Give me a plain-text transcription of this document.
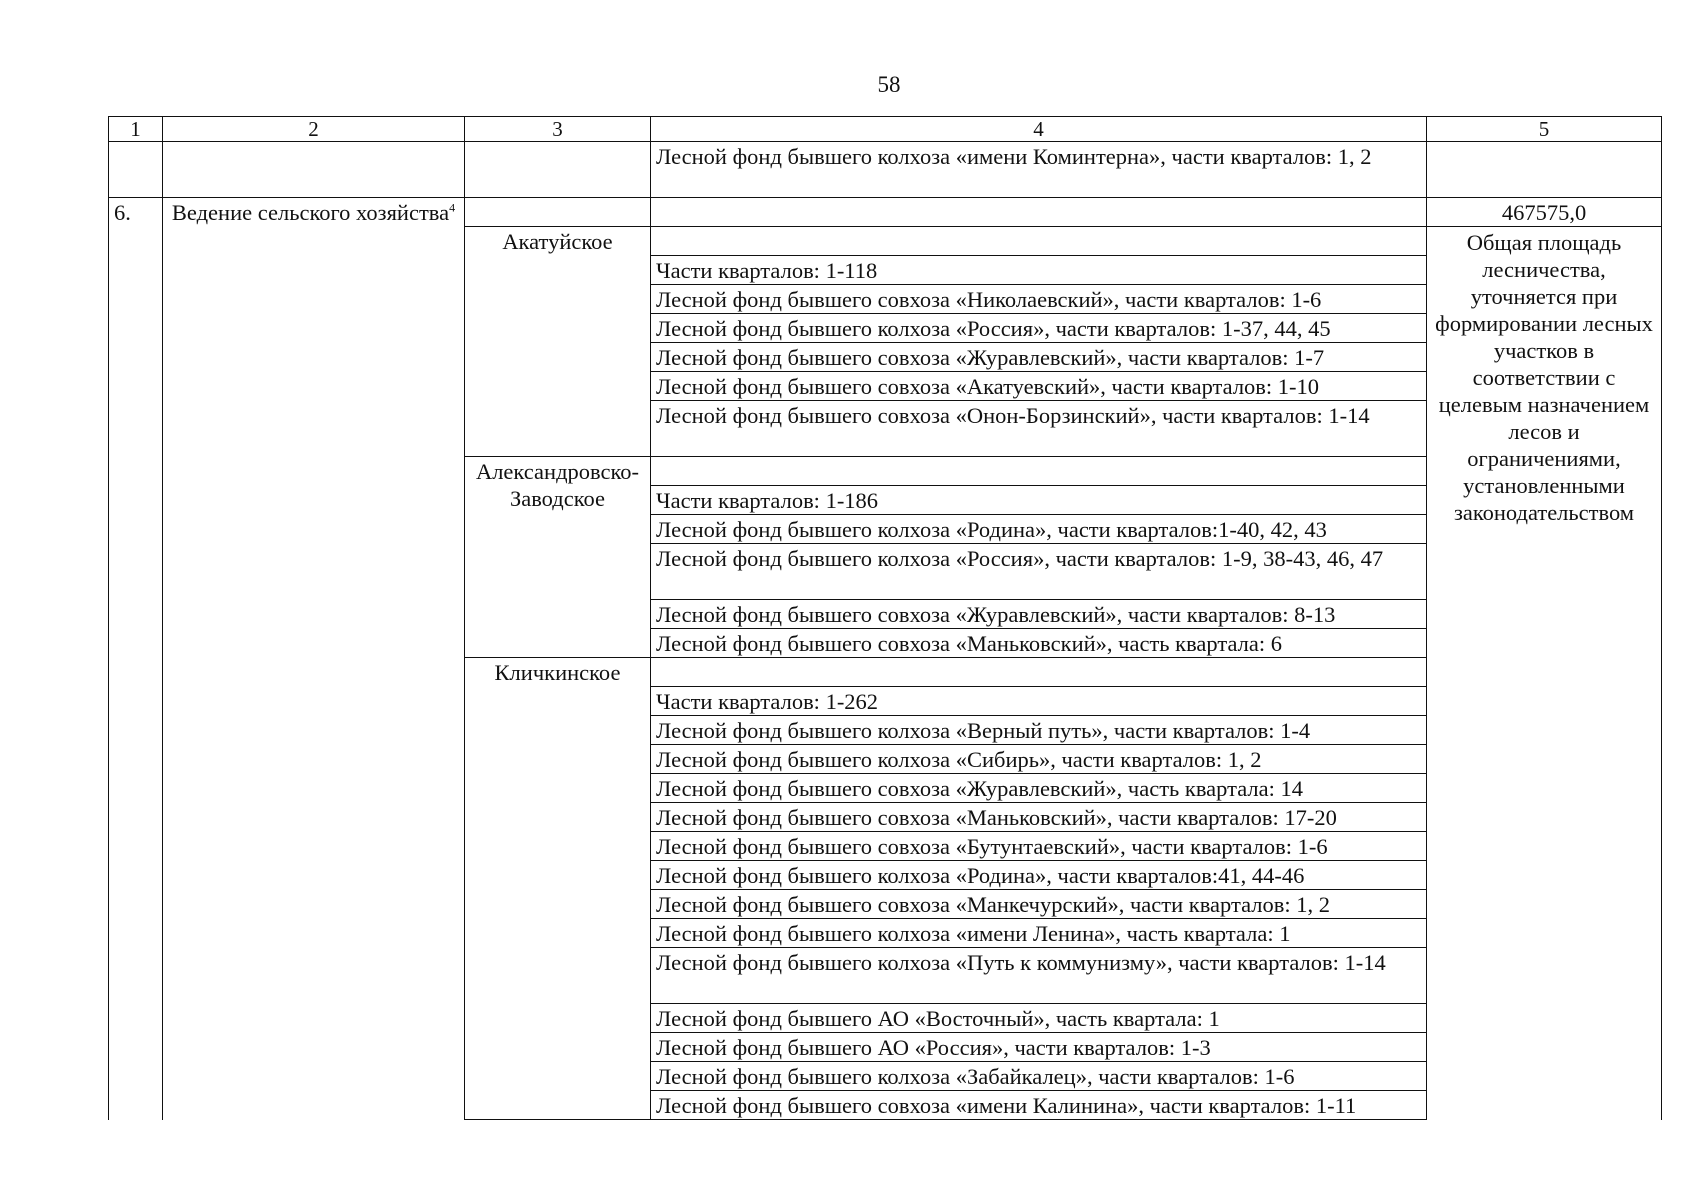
58
1	2	3	4	5
			Лесной фонд бывшего колхоза «имени Коминтерна», части кварталов: 1, 2	
6.	Ведение сельского хозяйства$^4$			467575,0
		Акатуйское		Общая площадь лесничества, уточняется при формировании лесных участков в соответствии с целевым назначением лесов и ограничениями, установленными законодательством
			Части кварталов: 1-118	
			Лесной фонд бывшего совхоза «Николаевский», части кварталов: 1-6	
			Лесной фонд бывшего колхоза «Россия», части кварталов: 1-37, 44, 45	
			Лесной фонд бывшего совхоза «Журавлевский», части кварталов: 1-7	
			Лесной фонд бывшего совхоза «Акатуевский», части кварталов: 1-10	
			Лесной фонд бывшего совхоза «Онон-Борзинский», части кварталов: 1-14	
		Александровско-Заводское		
			Части кварталов: 1-186	
			Лесной фонд бывшего колхоза «Родина», части кварталов:1-40, 42, 43	
			Лесной фонд бывшего колхоза «Россия», части кварталов: 1-9, 38-43, 46, 47	
			Лесной фонд бывшего совхоза «Журавлевский», части кварталов: 8-13	
			Лесной фонд бывшего совхоза «Маньковский», часть квартала: 6	
		Кличкинское		
			Части кварталов: 1-262	
			Лесной фонд бывшего колхоза «Верный путь», части кварталов: 1-4	
			Лесной фонд бывшего колхоза «Сибирь», части кварталов: 1, 2	
			Лесной фонд бывшего совхоза «Журавлевский», часть квартала: 14	
			Лесной фонд бывшего совхоза «Маньковский», части кварталов: 17-20	
			Лесной фонд бывшего совхоза «Бутунтаевский», части кварталов: 1-6	
			Лесной фонд бывшего колхоза «Родина», части кварталов:41, 44-46	
			Лесной фонд бывшего совхоза «Манкечурский», части кварталов: 1, 2	
			Лесной фонд бывшего колхоза «имени Ленина», часть квартала: 1	
			Лесной фонд бывшего колхоза «Путь к коммунизму», части кварталов: 1-14	
			Лесной фонд бывшего АО «Восточный», часть квартала: 1	
			Лесной фонд бывшего АО «Россия», части кварталов: 1-3	
			Лесной фонд бывшего колхоза «Забайкалец», части кварталов: 1-6	
			Лесной фонд бывшего совхоза «имени Калинина», части кварталов: 1-11	
